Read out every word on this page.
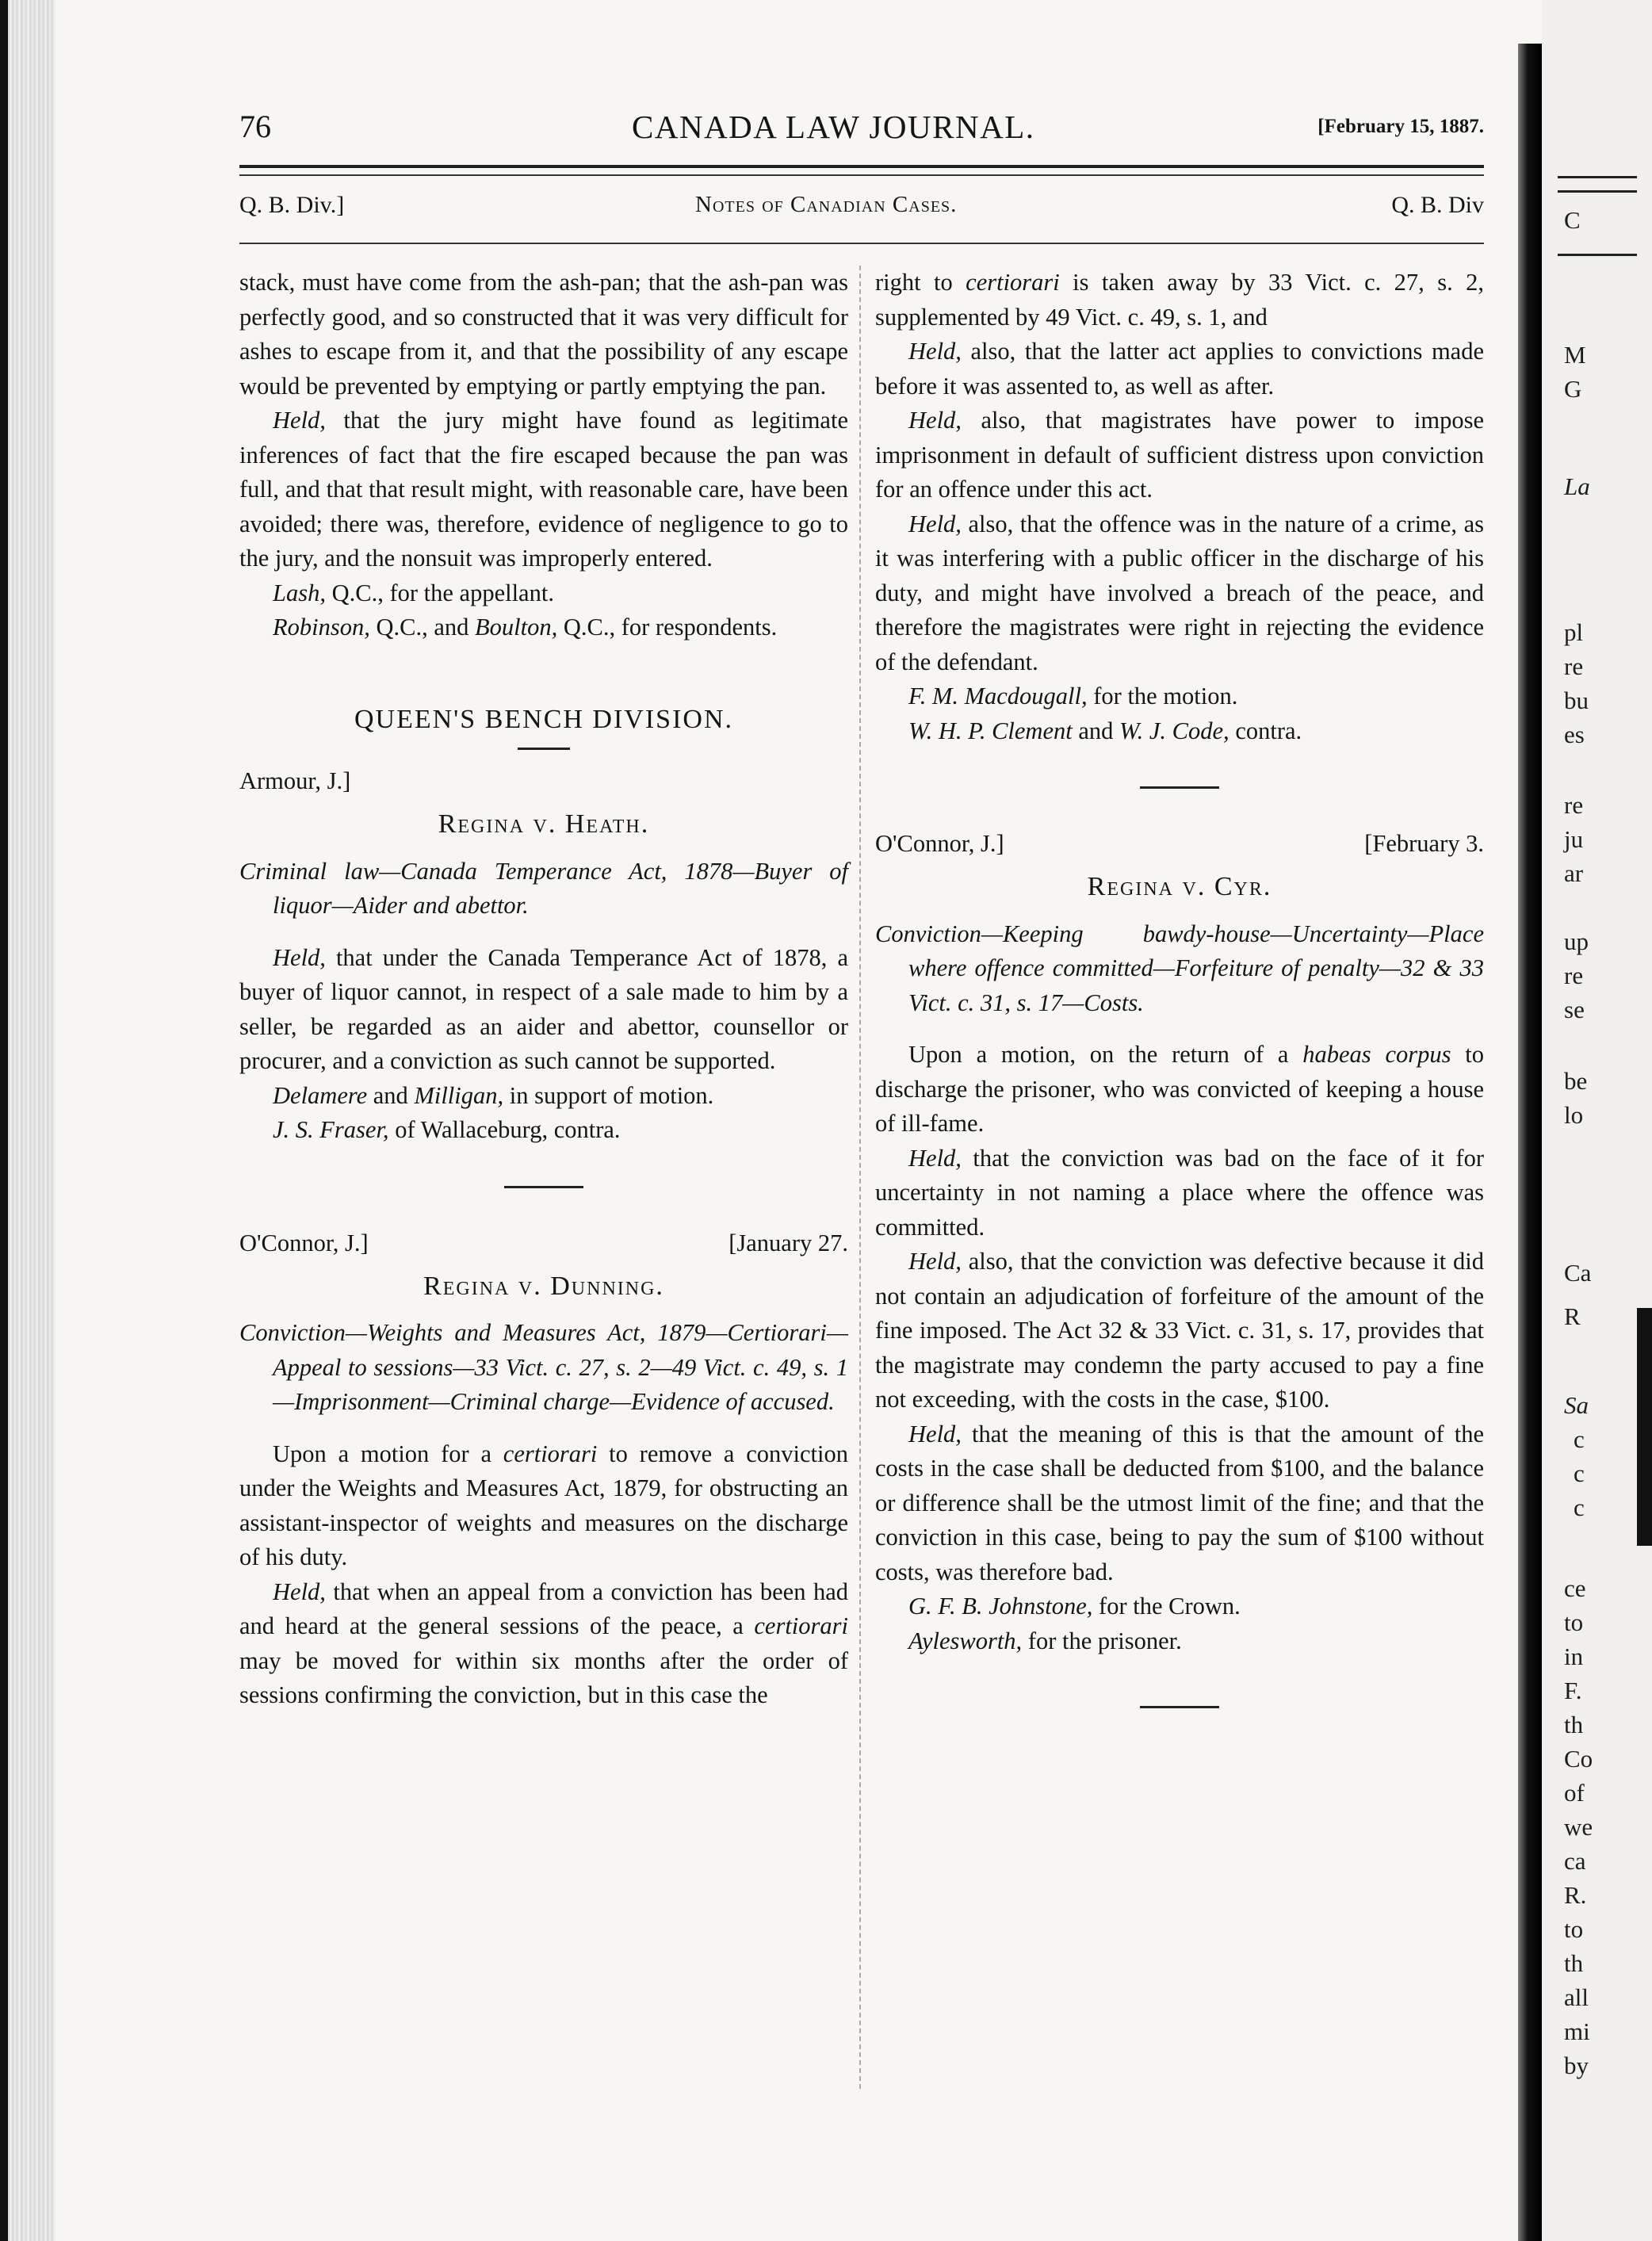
C
M
G
La
pl
re
bu
es
re
ju
ar
up
re
se
be
lo
Ca
R
Sa
c
c
c
ce
to
in
F.
th
Co
of
we
ca
R.
to
th
all
mi
by
76	CANADA LAW JOURNAL.	[February 15, 1887.
Q. B. Div.]	Notes of Canadian Cases.	Q. B. Div

stack, must have come from the ash-pan; that the ash-pan was perfectly good, and so constructed that it was very difficult for ashes to escape from it, and that the possibility of any escape would be prevented by emptying or partly emptying the pan.

Held, that the jury might have found as legitimate inferences of fact that the fire escaped because the pan was full, and that that result might, with reasonable care, have been avoided; there was, therefore, evidence of negligence to go to the jury, and the nonsuit was improperly entered.

Lash, Q.C., for the appellant.

Robinson, Q.C., and Boulton, Q.C., for respondents.

QUEEN'S BENCH DIVISION.
Armour, J.]
Regina v. Heath.

Criminal law—Canada Temperance Act, 1878—Buyer of liquor—Aider and abettor.

Held, that under the Canada Temperance Act of 1878, a buyer of liquor cannot, in respect of a sale made to him by a seller, be regarded as an aider and abettor, counsellor or procurer, and a conviction as such cannot be supported.

Delamere and Milligan, in support of motion.

J. S. Fraser, of Wallaceburg, contra.

O'Connor, J.]	[January 27.
Regina v. Dunning.

Conviction—Weights and Measures Act, 1879—Certiorari—Appeal to sessions—33 Vict. c. 27, s. 2—49 Vict. c. 49, s. 1—Imprisonment—Criminal charge—Evidence of accused.

Upon a motion for a certiorari to remove a conviction under the Weights and Measures Act, 1879, for obstructing an assistant-inspector of weights and measures on the discharge of his duty.

Held, that when an appeal from a conviction has been had and heard at the general sessions of the peace, a certiorari may be moved for within six months after the order of sessions confirming the conviction, but in this case the

right to certiorari is taken away by 33 Vict. c. 27, s. 2, supplemented by 49 Vict. c. 49, s. 1, and

Held, also, that the latter act applies to convictions made before it was assented to, as well as after.

Held, also, that magistrates have power to impose imprisonment in default of sufficient distress upon conviction for an offence under this act.

Held, also, that the offence was in the nature of a crime, as it was interfering with a public officer in the discharge of his duty, and might have involved a breach of the peace, and therefore the magistrates were right in rejecting the evidence of the defendant.

F. M. Macdougall, for the motion.

W. H. P. Clement and W. J. Code, contra.

O'Connor, J.]	[February 3.
Regina v. Cyr.

Conviction—Keeping bawdy-house—Uncertainty—Place where offence committed—Forfeiture of penalty—32 & 33 Vict. c. 31, s. 17—Costs.

Upon a motion, on the return of a habeas corpus to discharge the prisoner, who was convicted of keeping a house of ill-fame.

Held, that the conviction was bad on the face of it for uncertainty in not naming a place where the offence was committed.

Held, also, that the conviction was defective because it did not contain an adjudication of forfeiture of the amount of the fine imposed. The Act 32 & 33 Vict. c. 31, s. 17, provides that the magistrate may condemn the party accused to pay a fine not exceeding, with the costs in the case, $100.

Held, that the meaning of this is that the amount of the costs in the case shall be deducted from $100, and the balance or difference shall be the utmost limit of the fine; and that the conviction in this case, being to pay the sum of $100 without costs, was therefore bad.

G. F. B. Johnstone, for the Crown.

Aylesworth, for the prisoner.
